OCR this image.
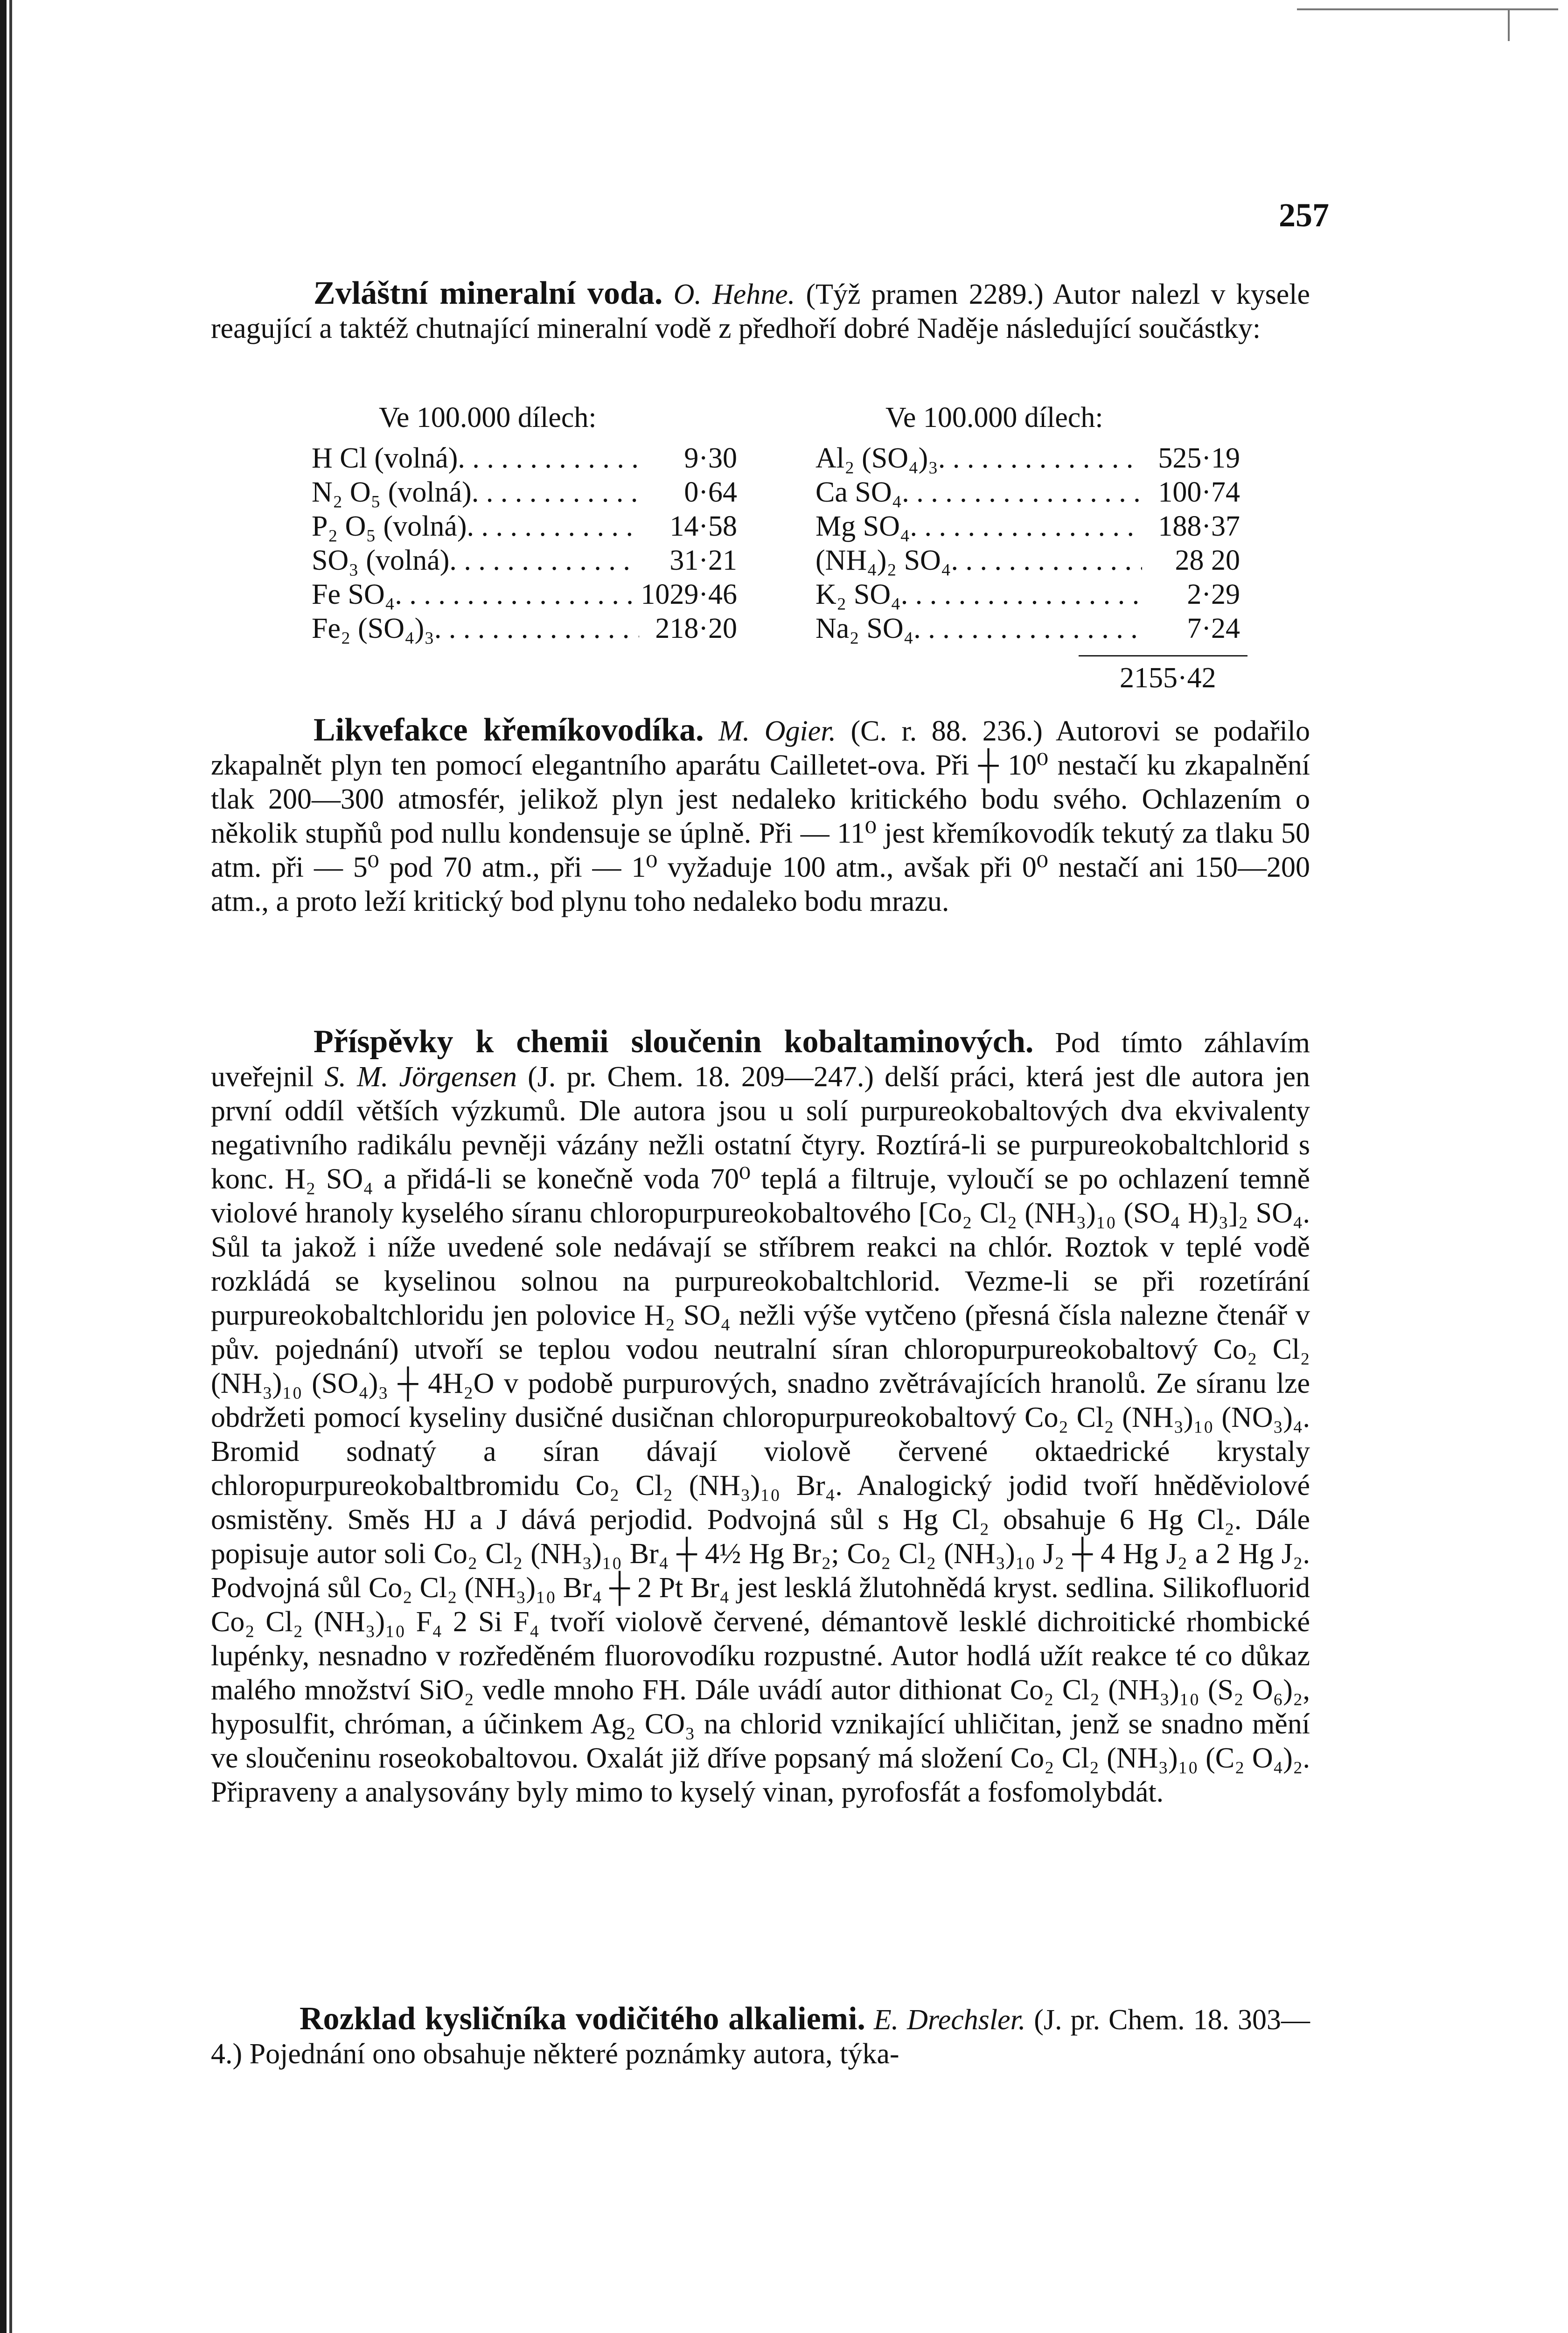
257
Zvláštní mineralní voda. O. Hehne. (Týž pramen 2289.) Autor nalezl v kysele reagující a taktéž chutnající mineralní vodě z předhoří dobré Naděje následující součástky:
Ve 100.000 dílech:	Ve 100.000 dílech:
H Cl (volná) . . .	9·30
N₂ O₅ (volná) . . .	0·64
P₂ O₅ (volná) . . .	14·58
SO₃ (volná) . . .	31·21
Fe SO₄ . . .	1029·46
Fe₂ (SO₄)₃ . . .	218·20
Al₂ (SO₄)₃ . . .	525·19
Ca SO₄ . . .	100·74
Mg SO₄ . . .	188·37
(NH₄)₂ SO₄ . . .	28 20
K₂ SO₄ . . .	2·29
Na₂ SO₄ . . .	7·24
2155·42
Likvefakce křemíkovodíka. M. Ogier. (C. r. 88. 236.) Autorovi se podařilo zkapalnět plyn ten pomocí elegantního aparátu Cailletet-ova. Při ┼ 10⁰ nestačí ku zkapalnění tlak 200—300 atmosfér, jelikož plyn jest nedaleko kritického bodu svého. Ochlazením o několik stupňů pod nullu kondensuje se úplně. Při — 11⁰ jest křemíkovodík tekutý za tlaku 50 atm. při — 5⁰ pod 70 atm., při — 1⁰ vyžaduje 100 atm., avšak při 0⁰ nestačí ani 150—200 atm., a proto leží kritický bod plynu toho nedaleko bodu mrazu.
Příspěvky k chemii sloučenin kobaltaminových. Pod tímto záhlavím uveřejnil S. M. Jörgensen (J. pr. Chem. 18. 209—247.) delší práci, která jest dle autora jen první oddíl větších výzkumů. Dle autora jsou u solí purpureokobaltových dva ekvivalenty negativního radikálu pevněji vázány nežli ostatní čtyry. Roztírá-li se purpureokobaltchlorid s konc. H₂ SO₄ a přidá-li se konečně voda 70⁰ teplá a filtruje, vyloučí se po ochlazení temně violové hranoly kyselého síranu chloropurpureokobaltového [Co₂ Cl₂ (NH₃)₁₀ (SO₄ H)₃]₂ SO₄. Sůl ta jakož i níže uvedené sole nedávají se stříbrem reakci na chlór. Roztok v teplé vodě rozkládá se kyselinou solnou na purpureokobaltchlorid. Vezme-li se při rozetírání purpureokobaltchloridu jen polovice H₂ SO₄ nežli výše vytčeno (přesná čísla nalezne čtenář v pův. pojednání) utvoří se teplou vodou neutralní síran chloropurpureokobaltový Co₂ Cl₂ (NH₃)₁₀ (SO₄)₃ ┼ 4H₂O v podobě purpurových, snadno zvětrávajících hranolů. Ze síranu lze obdržeti pomocí kyseliny dusičné dusičnan chloropurpureokobaltový Co₂ Cl₂ (NH₃)₁₀ (NO₃)₄. Bromid sodnatý a síran dávají violově červené oktaedrické krystaly chloropurpureokobaltbromidu Co₂ Cl₂ (NH₃)₁₀ Br₄. Analogický jodid tvoří hněděviolové osmistěny. Směs HJ a J dává perjodid. Podvojná sůl s Hg Cl₂ obsahuje 6 Hg Cl₂. Dále popisuje autor soli Co₂ Cl₂ (NH₃)₁₀ Br₄ ┼ 4½ Hg Br₂; Co₂ Cl₂ (NH₃)₁₀ J₂ ┼ 4 Hg J₂ a 2 Hg J₂. Podvojná sůl Co₂ Cl₂ (NH₃)₁₀ Br₄ ┼ 2 Pt Br₄ jest lesklá žlutohnědá kryst. sedlina. Silikofluorid Co₂ Cl₂ (NH₃)₁₀ F₄ 2 Si F₄ tvoří violově červené, démantově lesklé dichroitické rhombické lupénky, nesnadno v rozředěném fluorovodíku rozpustné. Autor hodlá užít reakce té co důkaz malého množství SiO₂ vedle mnoho FH. Dále uvádí autor dithionat Co₂ Cl₂ (NH₃)₁₀ (S₂ O₆)₂, hyposulfit, chróman, a účinkem Ag₂ CO₃ na chlorid vznikající uhličitan, jenž se snadno mění ve sloučeninu roseokobaltovou. Oxalát již dříve popsaný má složení Co₂ Cl₂ (NH₃)₁₀ (C₂ O₄)₂. Připraveny a analysovány byly mimo to kyselý vinan, pyrofosfát a fosfomolybdát.
Rozklad kysličníka vodičitého alkaliemi. E. Drechsler. (J. pr. Chem. 18. 303—4.) Pojednání ono obsahuje některé poznámky autora, týka-
